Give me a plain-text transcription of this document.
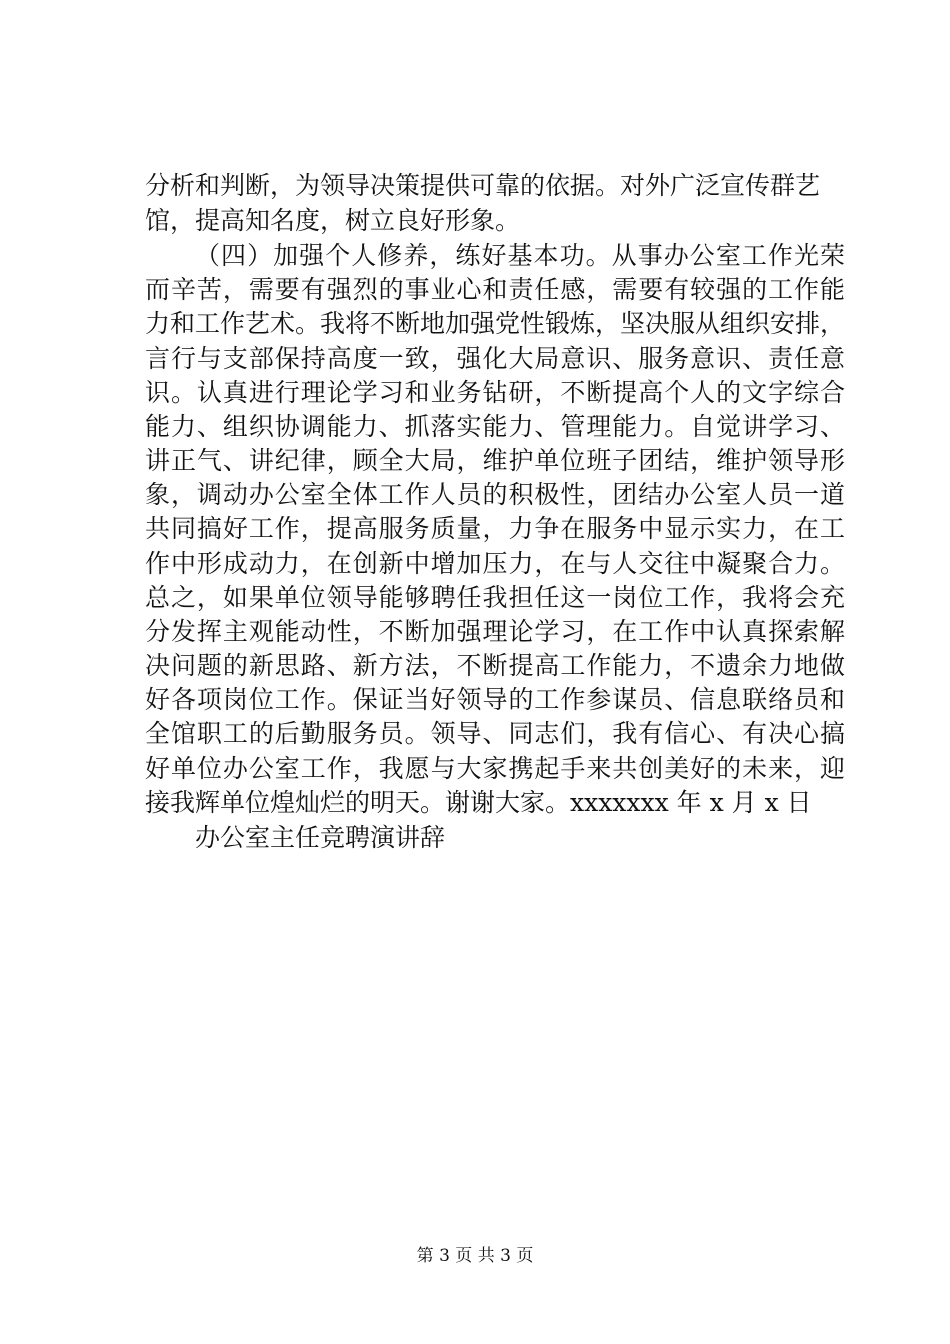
分析和判断，为领导决策提供可靠的依据。对外广泛宣传群艺
馆，提高知名度，树立良好形象。
（四）加强个人修养，练好基本功。从事办公室工作光荣
而辛苦，需要有强烈的事业心和责任感，需要有较强的工作能
力和工作艺术。我将不断地加强党性锻炼，坚决服从组织安排，
言行与支部保持高度一致，强化大局意识、服务意识、责任意
识。认真进行理论学习和业务钻研，不断提高个人的文字综合
能力、组织协调能力、抓落实能力、管理能力。自觉讲学习、
讲正气、讲纪律，顾全大局，维护单位班子团结，维护领导形
象，调动办公室全体工作人员的积极性，团结办公室人员一道
共同搞好工作，提高服务质量，力争在服务中显示实力，在工
作中形成动力，在创新中增加压力，在与人交往中凝聚合力。
总之，如果单位领导能够聘任我担任这一岗位工作，我将会充
分发挥主观能动性，不断加强理论学习，在工作中认真探索解
决问题的新思路、新方法，不断提高工作能力，不遗余力地做
好各项岗位工作。保证当好领导的工作参谋员、信息联络员和
全馆职工的后勤服务员。领导、同志们，我有信心、有决心搞
好单位办公室工作，我愿与大家携起手来共创美好的未来，迎
接我辉单位煌灿烂的明天。谢谢大家。xxxxxxx 年 x 月 x 日
办公室主任竞聘演讲辞
第 3 页 共 3 页
